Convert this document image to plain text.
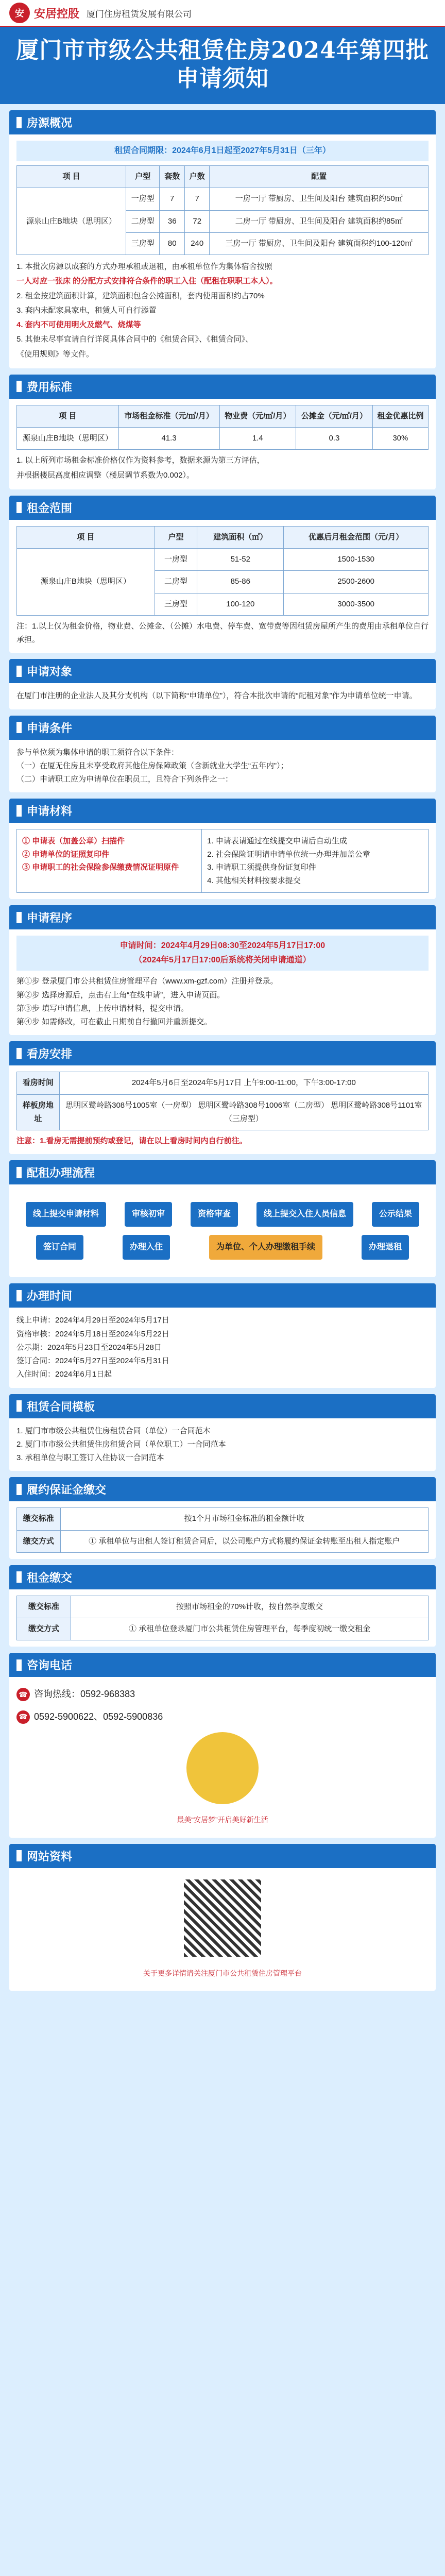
安 安居控股 厦门住房租赁发展有限公司
厦门市市级公共租赁住房2024年第四批
申请须知
房源概况
租赁合同期限：2024年6月1日起至2027年5月31日（三年）
项 目	户型	套数	户数	配置
源泉山庄B地块（思明区）	一房型	7	7	一房一厅 带厨房、卫生间及阳台 建筑面积约50㎡
	二房型	36	72	二房一厅 带厨房、卫生间及阳台 建筑面积约85㎡
	三房型	80	240	三房一厅 带厨房、卫生间及阳台 建筑面积约100-120㎡

1. 本批次房源以成套的方式办理承租或退租，由承租单位作为集体宿舍按照

一人对应一张床 的分配方式安排符合条件的职工入住（配租在职职工本人）。

2. 租金按建筑面积计算，建筑面积包含公摊面积，套内使用面积约占70%

3. 套内未配家具家电，租赁人可自行添置

4. 套内不可使用明火及燃气、烧煤等

5. 其他未尽事宜请自行详阅具体合同中的《租赁合同》、《租赁合同》、

《使用规则》等文件。

费用标准
项 目	市场租金标准（元/㎡/月）	物业费（元/㎡/月）	公摊金（元/㎡/月）	租金优惠比例
源泉山庄B地块（思明区）	41.3	1.4	0.3	30%

1. 以上所列市场租金标准价格仅作为资料参考，数据来源为第三方评估，

并根据楼层高度相应调整（楼层调节系数为0.002）。

租金范围
项 目	户型	建筑面积（㎡）	优惠后月租金范围（元/月）
源泉山庄B地块（思明区）	一房型	51-52	1500-1530
	二房型	85-86	2500-2600
	三房型	100-120	3000-3500

注：1.以上仅为租金价格，物业费、公摊金、（公摊）水电费、停车费、宽带费等因租赁房屋所产生的费用由承租单位自行承担。

申请对象

在厦门市注册的企业法人及其分支机构（以下简称“申请单位”），符合本批次申请的“配租对象”作为申请单位统一申请。

申请条件

参与单位须为集体申请的职工须符合以下条件：

（一）在厦无住房且未享受政府其他住房保障政策（含新就业大学生“五年内”）；

（二）申请职工应为申请单位在职员工，且符合下列条件之一：

申请材料

① 申请表（加盖公章）扫描件

② 申请单位的证照复印件

③ 申请职工的社会保险参保缴费情况证明原件

1. 申请表请通过在线提交申请后自动生成

2. 社会保险证明请申请单位统一办理并加盖公章

3. 申请职工须提供身份证复印件

4. 其他相关材料按要求提交

申请程序
申请时间：2024年4月29日08:30至2024年5月17日17:00
（2024年5月17日17:00后系统将关闭申请通道）

第①步 登录厦门市公共租赁住房管理平台（www.xm-gzf.com）注册并登录。

第②步 选择房源后，点击右上角“在线申请”，进入申请页面。

第③步 填写申请信息，上传申请材料，提交申请。

第④步 如需修改，可在截止日期前自行撤回并重新提交。

看房安排
看房时间	2024年5月6日至2024年5月17日 上午9:00-11:00，下午3:00-17:00
样板房地址	思明区鹭岭路308号1005室（一房型） 思明区鹭岭路308号1006室（二房型） 思明区鹭岭路308号1101室（三房型）

注意：1.看房无需提前预约或登记，请在以上看房时间内自行前往。

配租办理流程
线上提交申请材料	审核初审	资格审查	线上提交入住人员信息	公示结果
签订合同	办理入住	为单位、个人办理缴租手续	办理退租
办理时间

线上申请：2024年4月29日至2024年5月17日

资格审核：2024年5月18日至2024年5月22日

公示期：2024年5月23日至2024年5月28日

签订合同：2024年5月27日至2024年5月31日

入住时间：2024年6月1日起

租赁合同模板

1. 厦门市市级公共租赁住房租赁合同（单位）一合同范本

2. 厦门市市级公共租赁住房租赁合同（单位职工）一合同范本

3. 承租单位与职工签订入住协议一合同范本

履约保证金缴交
缴交标准	按1个月市场租金标准的租金额计收
缴交方式	① 承租单位与出租人签订租赁合同后，以公司账户方式将履约保证金转账至出租人指定账户
租金缴交
缴交标准	按照市场租金的70%计收，按自然季度缴交
缴交方式	① 承租单位登录厦门市公共租赁住房管理平台，每季度初统一缴交租金
咨询电话
☎ 咨询热线：0592-968383
☎ 0592-5900622、0592-5900836
最美“安居梦”开启美好新生活
网站资料
关于更多详情请关注厦门市公共租赁住房管理平台
